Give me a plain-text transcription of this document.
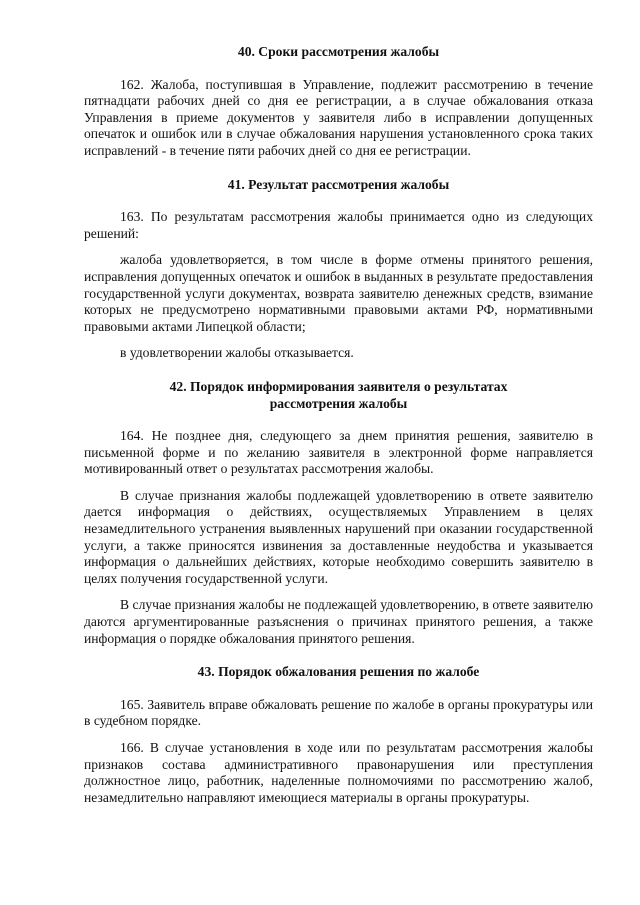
40. Сроки рассмотрения жалобы

162. Жалоба, поступившая в Управление, подлежит рассмотрению в течение пятнадцати рабочих дней со дня ее регистрации, а в случае обжалования отказа Управления в приеме документов у заявителя либо в исправлении допущенных опечаток и ошибок или в случае обжалования нарушения установленного срока таких исправлений - в течение пяти рабочих дней со дня ее регистрации.

41. Результат рассмотрения жалобы

163. По результатам рассмотрения жалобы принимается одно из следующих решений:

жалоба удовлетворяется, в том числе в форме отмены принятого решения, исправления допущенных опечаток и ошибок в выданных в результате предоставления государственной услуги документах, возврата заявителю денежных средств, взимание которых не предусмотрено нормативными правовыми актами РФ, нормативными правовыми актами Липецкой области;

в удовлетворении жалобы отказывается.

42. Порядок информирования заявителя о результатах
рассмотрения жалобы

164. Не позднее дня, следующего за днем принятия решения, заявителю в письменной форме и по желанию заявителя в электронной форме направляется мотивированный ответ о результатах рассмотрения жалобы.

В случае признания жалобы подлежащей удовлетворению в ответе заявителю дается информация о действиях, осуществляемых Управлением в целях незамедлительного устранения выявленных нарушений при оказании государственной услуги, а также приносятся извинения за доставленные неудобства и указывается информация о дальнейших действиях, которые необходимо совершить заявителю в целях получения государственной услуги.

В случае признания жалобы не подлежащей удовлетворению, в ответе заявителю даются аргументированные разъяснения о причинах принятого решения, а также информация о порядке обжалования принятого решения.

43. Порядок обжалования решения по жалобе

165. Заявитель вправе обжаловать решение по жалобе в органы прокуратуры или в судебном порядке.

166. В случае установления в ходе или по результатам рассмотрения жалобы признаков состава административного правонарушения или преступления должностное лицо, работник, наделенные полномочиями по рассмотрению жалоб, незамедлительно направляют имеющиеся материалы в органы прокуратуры.
